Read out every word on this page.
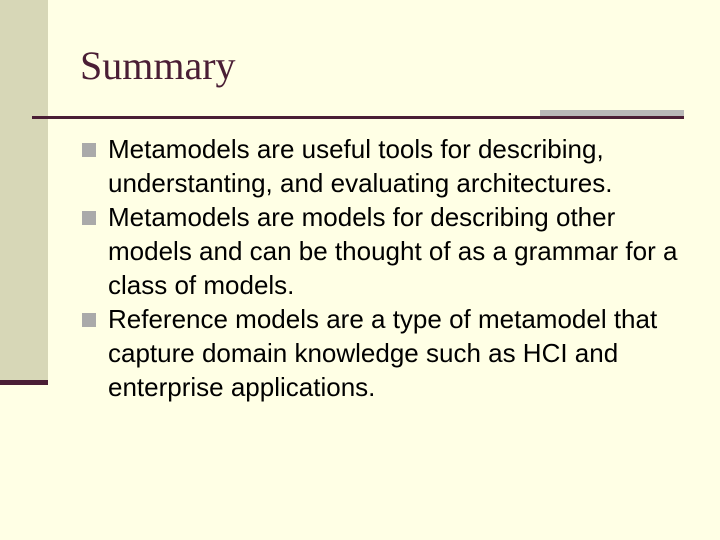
Summary
Metamodels are useful tools for describing, understanting, and evaluating architectures.
Metamodels are models for describing other models and can be thought of as a grammar for a class of models.
Reference models are a type of metamodel that capture domain knowledge such as HCI and enterprise applications.
